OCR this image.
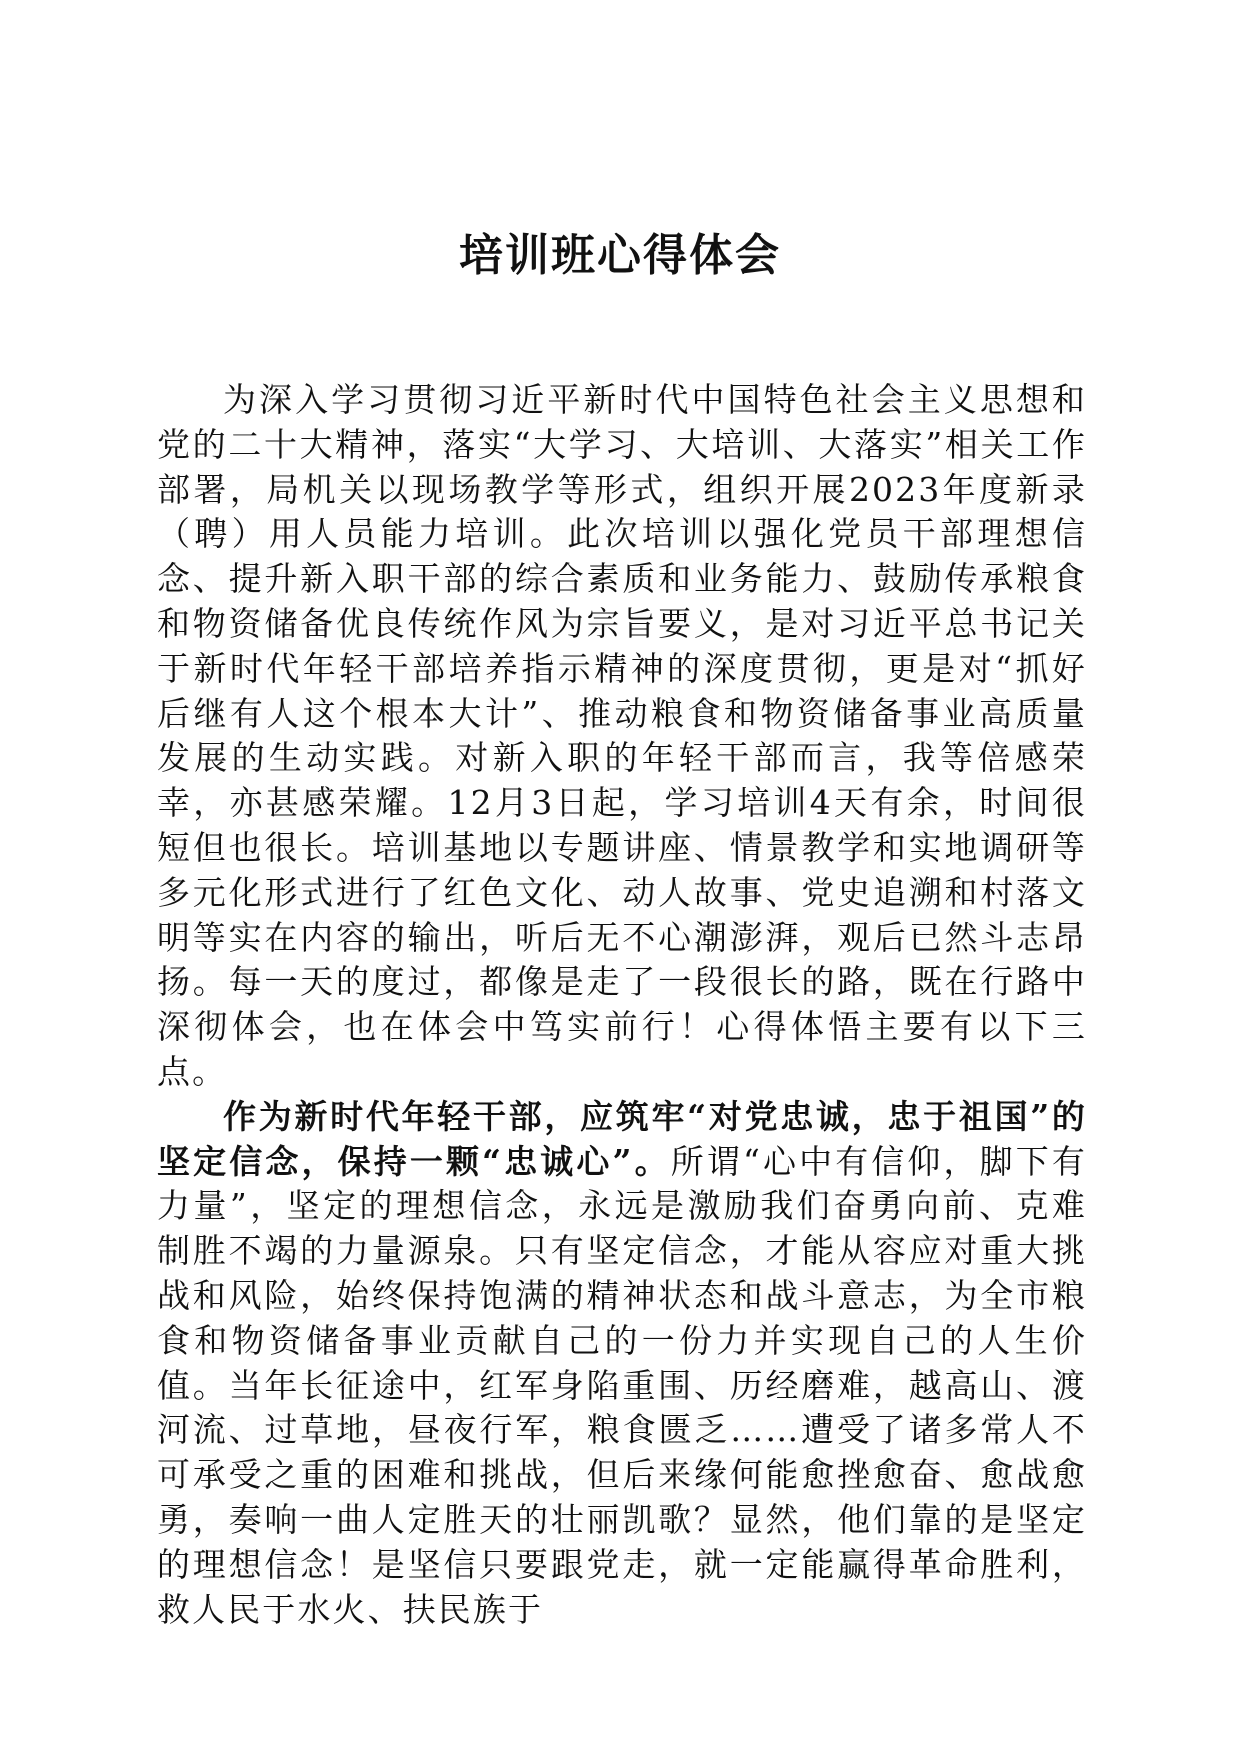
培训班心得体会

为深入学习贯彻习近平新时代中国特色社会主义思想和党的二十大精神，落实“大学习、大培训、大落实”相关工作部署，局机关以现场教学等形式，组织开展2023年度新录（聘）用人员能力培训。此次培训以强化党员干部理想信念、提升新入职干部的综合素质和业务能力、鼓励传承粮食和物资储备优良传统作风为宗旨要义，是对习近平总书记关于新时代年轻干部培养指示精神的深度贯彻，更是对“抓好后继有人这个根本大计”、推动粮食和物资储备事业高质量发展的生动实践。对新入职的年轻干部而言，我等倍感荣幸，亦甚感荣耀。12月3日起，学习培训4天有余，时间很短但也很长。培训基地以专题讲座、情景教学和实地调研等多元化形式进行了红色文化、动人故事、党史追溯和村落文明等实在内容的输出，听后无不心潮澎湃，观后已然斗志昂扬。每一天的度过，都像是走了一段很长的路，既在行路中深彻体会，也在体会中笃实前行！心得体悟主要有以下三点。

作为新时代年轻干部，应筑牢“对党忠诚，忠于祖国”的坚定信念，保持一颗“忠诚心”。所谓“心中有信仰，脚下有力量”，坚定的理想信念，永远是激励我们奋勇向前、克难制胜不竭的力量源泉。只有坚定信念，才能从容应对重大挑战和风险，始终保持饱满的精神状态和战斗意志，为全市粮食和物资储备事业贡献自己的一份力并实现自己的人生价值。当年长征途中，红军身陷重围、历经磨难，越高山、渡河流、过草地，昼夜行军，粮食匮乏……遭受了诸多常人不可承受之重的困难和挑战，但后来缘何能愈挫愈奋、愈战愈勇，奏响一曲人定胜天的壮丽凯歌？显然，他们靠的是坚定的理想信念！是坚信只要跟党走，就一定能赢得革命胜利，救人民于水火、扶民族于
